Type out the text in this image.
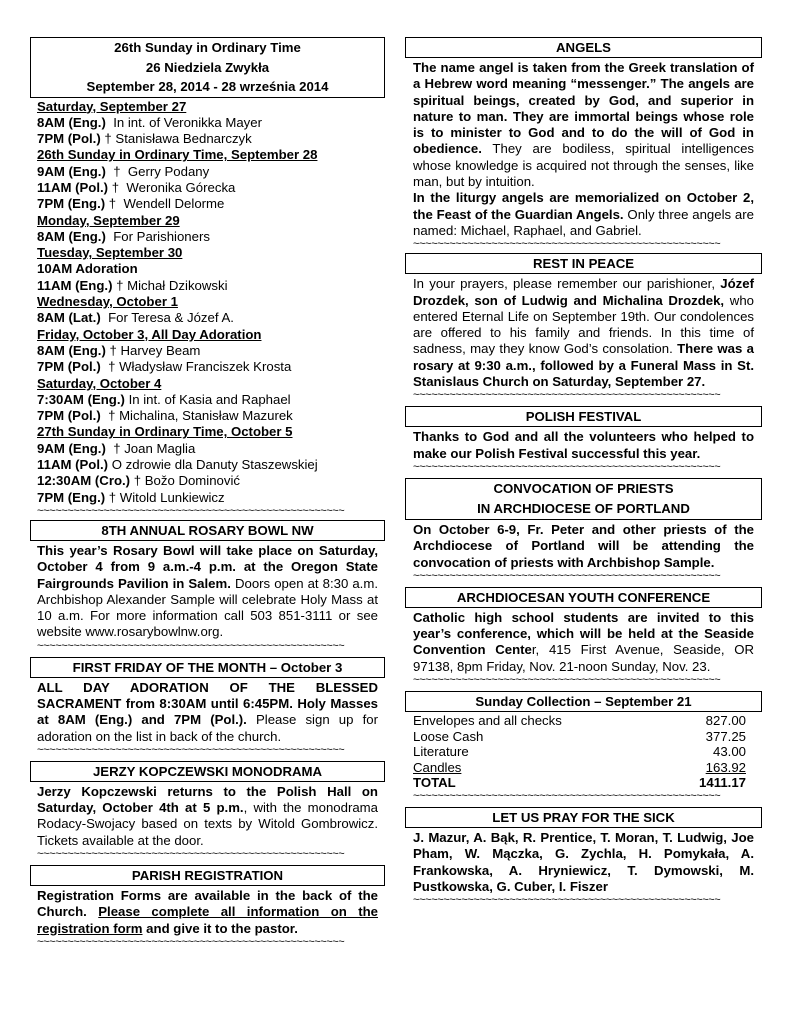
26th Sunday in Ordinary Time
26 Niedziela Zwykła
September 28, 2014 - 28 września 2014
Saturday, September 27
8AM (Eng.)  In int. of Veronikka Mayer
7PM (Pol.) † Stanisława Bednarczyk
26th Sunday in Ordinary Time, September 28
9AM (Eng.)  †  Gerry Podany
11AM (Pol.) †  Weronika Górecka
7PM (Eng.) †  Wendell Delorme
Monday, September 29
8AM (Eng.)  For Parishioners
Tuesday, September 30
10AM Adoration
11AM (Eng.) † Michał Dzikowski
Wednesday, October 1
8AM (Lat.)  For Teresa & Józef A.
Friday, October 3, All Day Adoration
8AM (Eng.) † Harvey Beam
7PM (Pol.)  † Władysław Franciszek Krosta
Saturday, October 4
7:30AM (Eng.) In int. of Kasia and Raphael
7PM (Pol.)  † Michalina, Stanisław Mazurek
27th Sunday in Ordinary Time, October 5
9AM (Eng.)  † Joan Maglia
11AM (Pol.) O zdrowie dla Danuty Staszewskiej
12:30AM (Cro.) † Božo Dominović
7PM (Eng.) † Witold Lunkiewicz
~~~~~~~~~~~~~~~~~~~~~~~~~~~~~~~~~~~~~~~~~~~~~~~~~~~
8TH ANNUAL ROSARY BOWL NW
This year’s Rosary Bowl will take place on Saturday, October 4 from 9 a.m.-4 p.m. at the Oregon State Fairgrounds Pavilion in Salem. Doors open at 8:30 a.m. Archbishop Alexander Sample will celebrate Holy Mass at 10 a.m. For more information call 503 851-3111 or see website www.rosarybowlnw.org.
~~~~~~~~~~~~~~~~~~~~~~~~~~~~~~~~~~~~~~~~~~~~~~~~~~~
FIRST FRIDAY OF THE MONTH – October 3
ALL DAY ADORATION OF THE BLESSED SACRAMENT from 8:30AM until 6:45PM. Holy Masses at 8AM (Eng.) and 7PM (Pol.). Please sign up for adoration on the list in back of the church.
~~~~~~~~~~~~~~~~~~~~~~~~~~~~~~~~~~~~~~~~~~~~~~~~~~~
JERZY KOPCZEWSKI MONODRAMA
Jerzy Kopczewski returns to the Polish Hall on Saturday, October 4th at 5 p.m., with the monodrama Rodacy-Swojacy based on texts by Witold Gombrowicz. Tickets available at the door.
~~~~~~~~~~~~~~~~~~~~~~~~~~~~~~~~~~~~~~~~~~~~~~~~~~~
PARISH REGISTRATION
Registration Forms are available in the back of the Church. Please complete all information on the registration form and give it to the pastor.
~~~~~~~~~~~~~~~~~~~~~~~~~~~~~~~~~~~~~~~~~~~~~~~~~~~
ANGELS
The name angel is taken from the Greek translation of a Hebrew word meaning “messenger.” The angels are spiritual beings, created by God, and superior in nature to man. They are immortal beings whose role is to minister to God and to do the will of God in obedience. They are bodiless, spiritual intelligences whose knowledge is acquired not through the senses, like man, but by intuition.
In the liturgy angels are memorialized on October 2, the Feast of the Guardian Angels. Only three angels are named: Michael, Raphael, and Gabriel.
~~~~~~~~~~~~~~~~~~~~~~~~~~~~~~~~~~~~~~~~~~~~~~~~~~~
REST IN PEACE
In your prayers, please remember our parishioner, Józef Drozdek, son of Ludwig and Michalina Drozdek, who entered Eternal Life on September 19th. Our condolences are offered to his family and friends. In this time of sadness, may they know God’s consolation. There was a rosary at 9:30 a.m., followed by a Funeral Mass in St. Stanislaus Church on Saturday, September 27.
~~~~~~~~~~~~~~~~~~~~~~~~~~~~~~~~~~~~~~~~~~~~~~~~~~~
POLISH FESTIVAL
Thanks to God and all the volunteers who helped to make our Polish Festival successful this year.
~~~~~~~~~~~~~~~~~~~~~~~~~~~~~~~~~~~~~~~~~~~~~~~~~~~
CONVOCATION OF PRIESTS
IN ARCHDIOCESE OF PORTLAND
On October 6-9, Fr. Peter and other priests of the Archdiocese of Portland will be attending the convocation of priests with Archbishop Sample.
~~~~~~~~~~~~~~~~~~~~~~~~~~~~~~~~~~~~~~~~~~~~~~~~~~~
ARCHDIOCESAN YOUTH CONFERENCE
Catholic high school students are invited to this year’s conference, which will be held at the Seaside Convention Center, 415 First Avenue, Seaside, OR 97138, 8pm Friday, Nov. 21-noon Sunday, Nov. 23.
~~~~~~~~~~~~~~~~~~~~~~~~~~~~~~~~~~~~~~~~~~~~~~~~~~~
Sunday Collection – September 21
Envelopes and all checks	827.00
Loose Cash	377.25
Literature	43.00
Candles	163.92
TOTAL	1411.17
~~~~~~~~~~~~~~~~~~~~~~~~~~~~~~~~~~~~~~~~~~~~~~~~~~~
LET US PRAY FOR THE SICK
J. Mazur, A. Bąk, R. Prentice, T. Moran, T. Ludwig, Joe Pham, W. Mączka, G. Zychla, H. Pomykała, A. Frankowska, A. Hryniewicz, T. Dymowski, M. Pustkowska, G. Cuber, I. Fiszer
~~~~~~~~~~~~~~~~~~~~~~~~~~~~~~~~~~~~~~~~~~~~~~~~~~~
